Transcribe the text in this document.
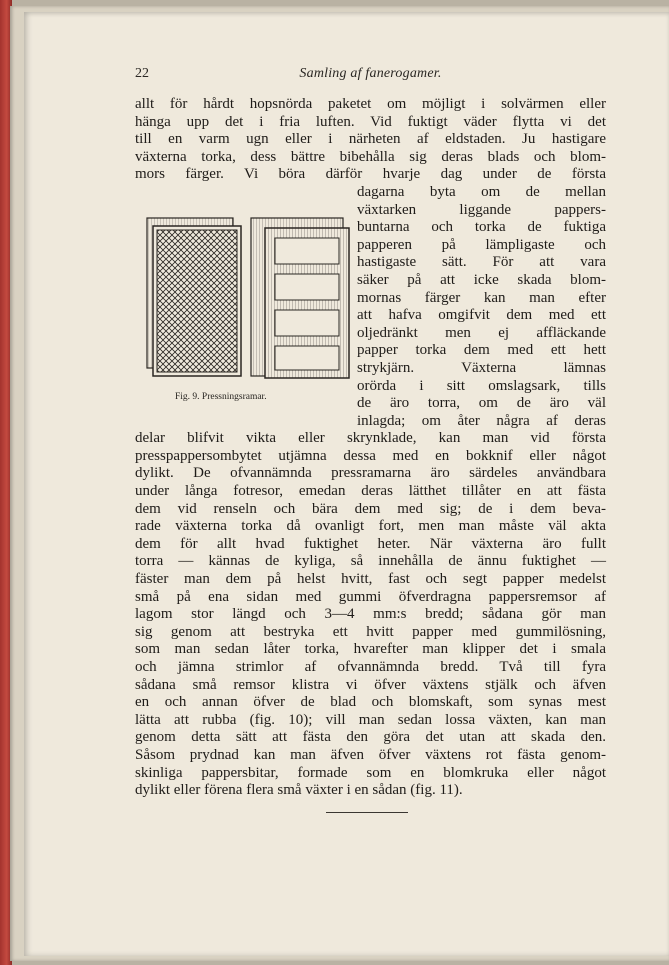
22	Samling af fanerogamer.
allt för hårdt hopsnörda paketet om möjligt i solvärmen eller
hänga upp det i fria luften. Vid fuktigt väder flytta vi det
till en varm ugn eller i närheten af eldstaden. Ju hastigare
växterna torka, dess bättre bibehålla sig deras blads och blom-
mors färger. Vi böra därför hvarje dag under de första
dagarna byta om de mellan
växtarken liggande pappers-
buntarna och torka de fuktiga
papperen på lämpligaste och
hastigaste sätt. För att vara
säker på att icke skada blom-
mornas färger kan man efter
att hafva omgifvit dem med ett
oljedränkt men ej affläckande
papper torka dem med ett hett
strykjärn. Växterna lämnas
orörda i sitt omslagsark, tills
de äro torra, om de äro väl
inlagda; om åter några af deras
delar blifvit vikta eller skrynklade, kan man vid första
presspappersombytet utjämna dessa med en bokknif eller något
dylikt. De ofvannämnda pressramarna äro särdeles användbara
under långa fotresor, emedan deras lätthet tillåter en att fästa
dem vid renseln och bära dem med sig; de i dem beva-
rade växterna torka då ovanligt fort, men man måste väl akta
dem för allt hvad fuktighet heter. När växterna äro fullt
torra — kännas de kyliga, så innehålla de ännu fuktighet —
fäster man dem på helst hvitt, fast och segt papper medelst
små på ena sidan med gummi öfverdragna pappersremsor af
lagom stor längd och 3—4 mm:s bredd; sådana gör man
sig genom att bestryka ett hvitt papper med gummilösning,
som man sedan låter torka, hvarefter man klipper det i smala
och jämna strimlor af ofvannämnda bredd. Två till fyra
sådana små remsor klistra vi öfver växtens stjälk och äfven
en och annan öfver de blad och blomskaft, som synas mest
lätta att rubba (fig. 10); vill man sedan lossa växten, kan man
genom detta sätt att fästa den göra det utan att skada den.
Såsom prydnad kan man äfven öfver växtens rot fästa genom-
skinliga pappersbitar, formade som en blomkruka eller något
dylikt eller förena flera små växter i en sådan (fig. 11).
Fig. 9. Pressningsramar.
